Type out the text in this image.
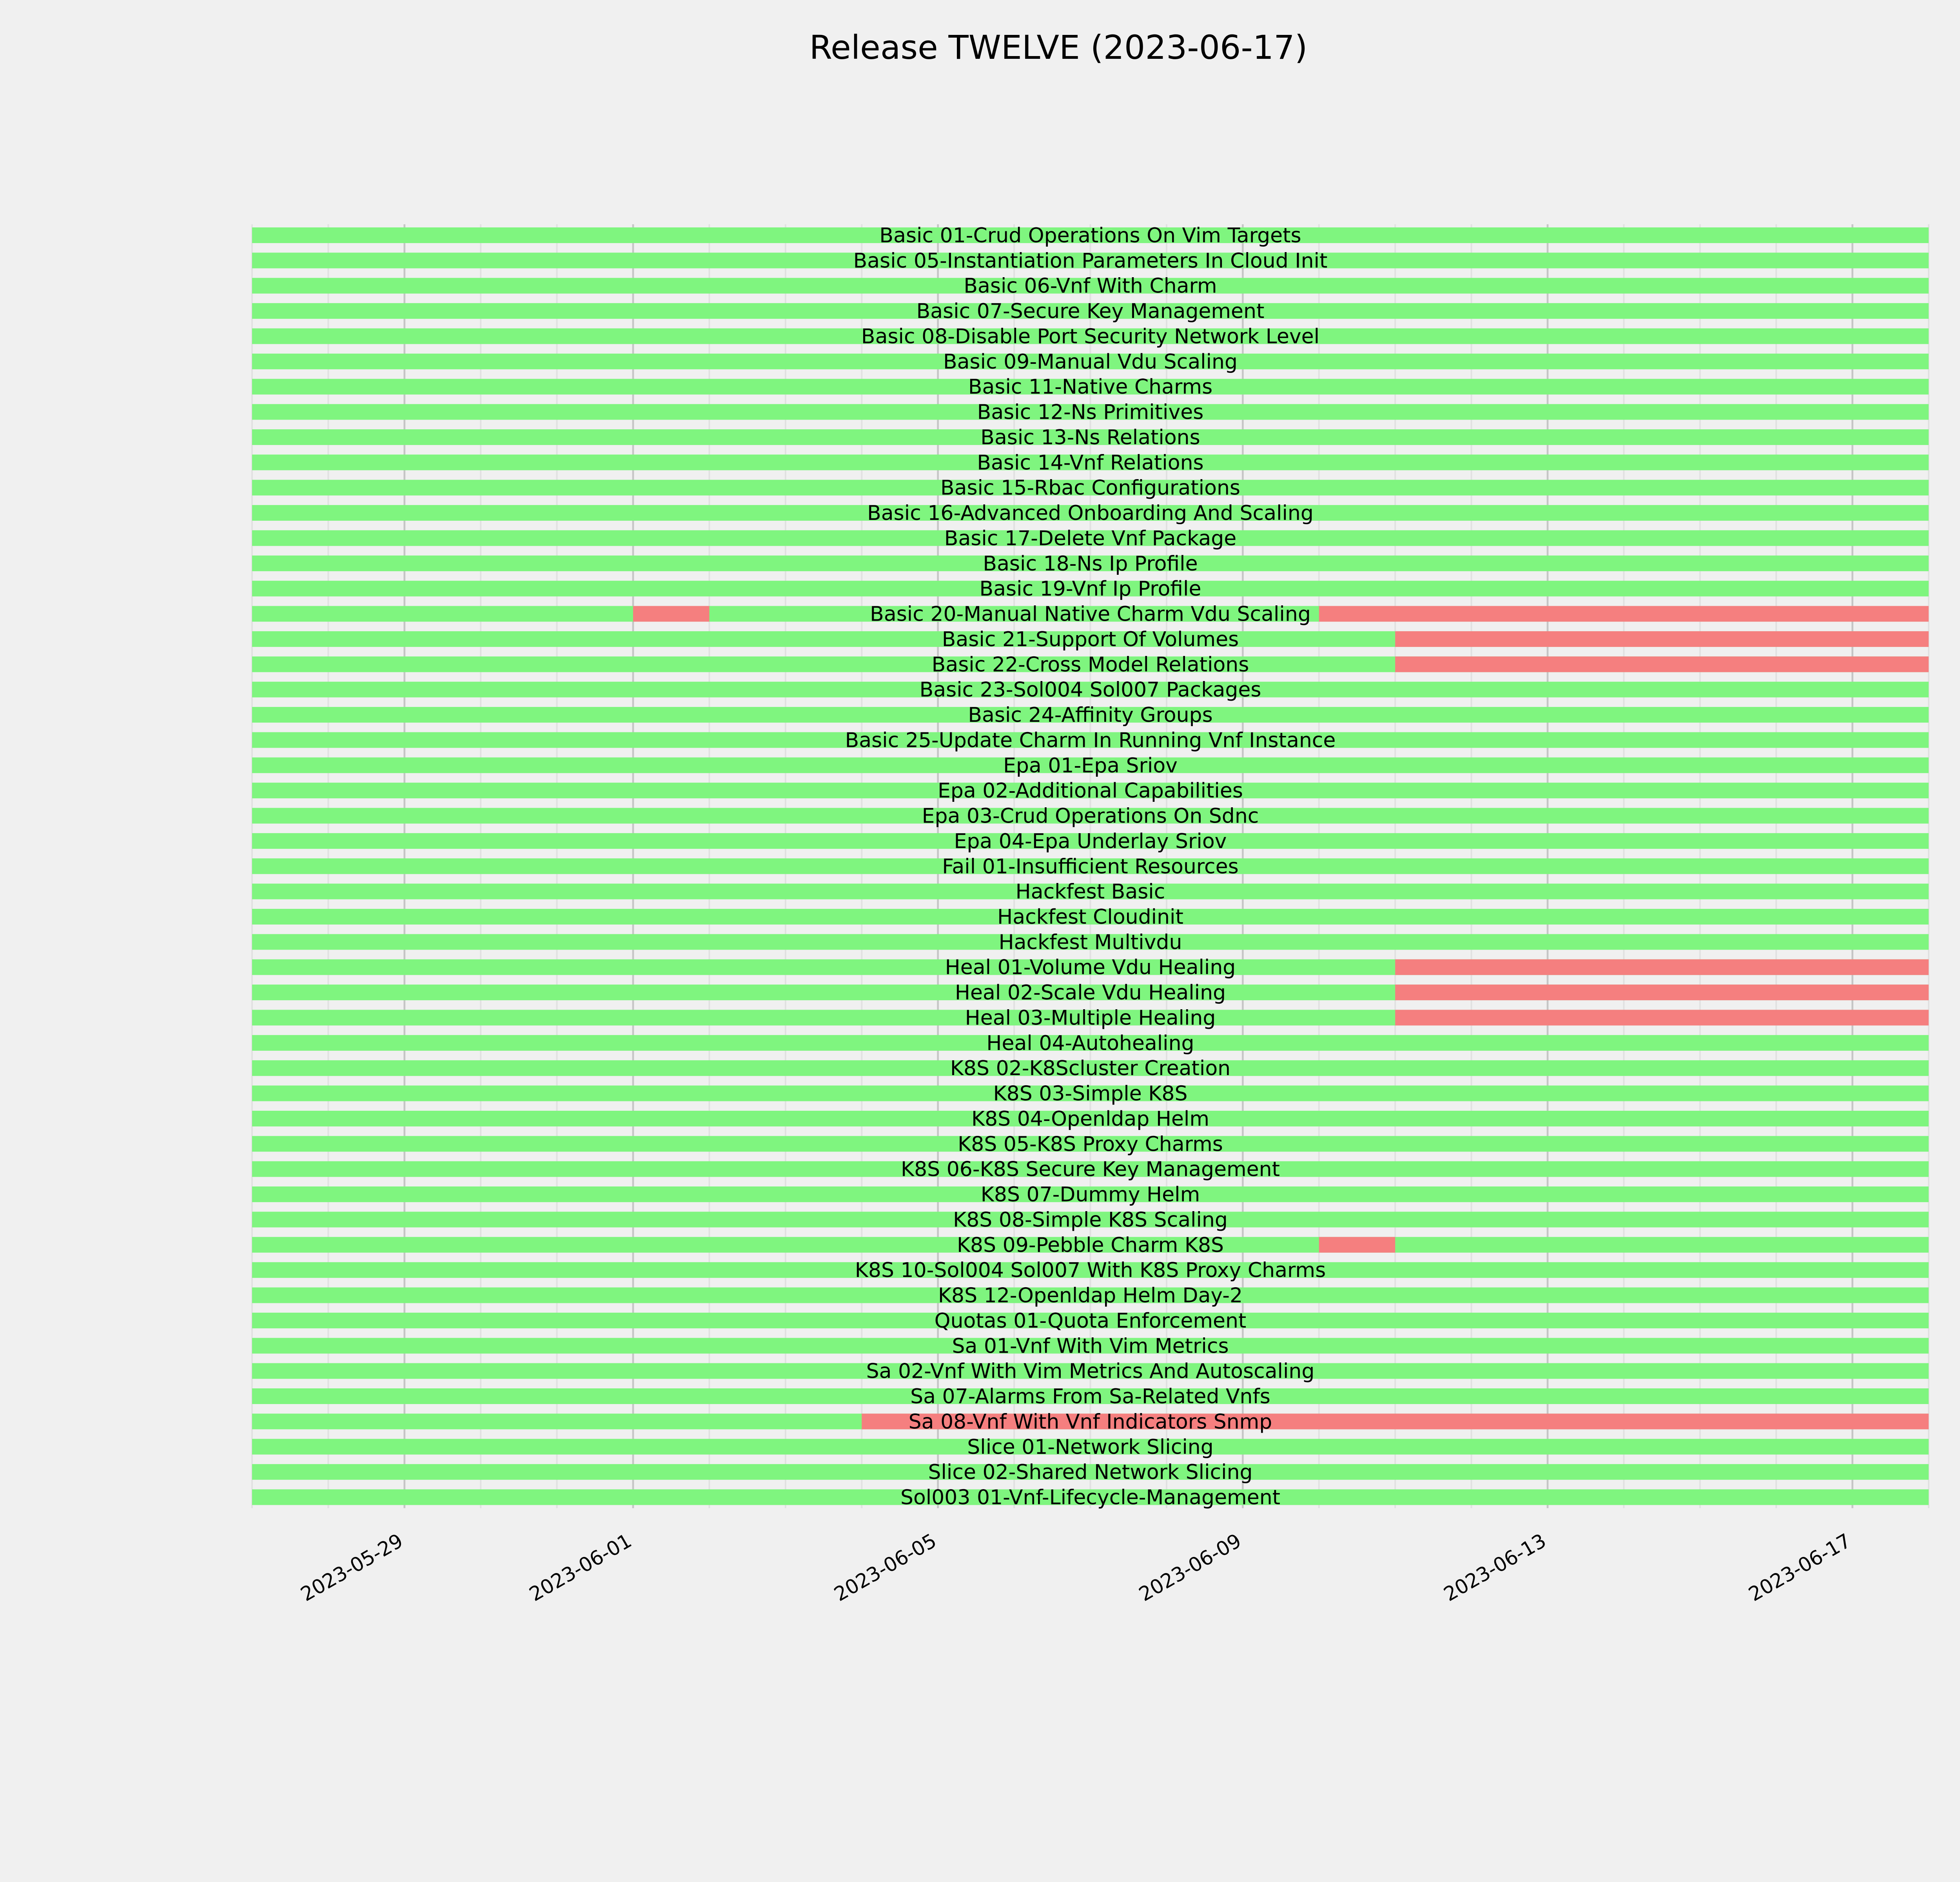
Release TWELVE (2023-06-17)
Basic 01-Crud Operations On Vim Targets
Basic 05-Instantiation Parameters In Cloud Init
Basic 06-Vnf With Charm
Basic 07-Secure Key Management
Basic 08-Disable Port Security Network Level
Basic 09-Manual Vdu Scaling
Basic 11-Native Charms
Basic 12-Ns Primitives
Basic 13-Ns Relations
Basic 14-Vnf Relations
Basic 15-Rbac Configurations
Basic 16-Advanced Onboarding And Scaling
Basic 17-Delete Vnf Package
Basic 18-Ns Ip Profile
Basic 19-Vnf Ip Profile
Basic 20-Manual Native Charm Vdu Scaling
Basic 21-Support Of Volumes
Basic 22-Cross Model Relations
Basic 23-Sol004 Sol007 Packages
Basic 24-Affinity Groups
Basic 25-Update Charm In Running Vnf Instance
Epa 01-Epa Sriov
Epa 02-Additional Capabilities
Epa 03-Crud Operations On Sdnc
Epa 04-Epa Underlay Sriov
Fail 01-Insufficient Resources
Hackfest Basic
Hackfest Cloudinit
Hackfest Multivdu
Heal 01-Volume Vdu Healing
Heal 02-Scale Vdu Healing
Heal 03-Multiple Healing
Heal 04-Autohealing
K8S 02-K8Scluster Creation
K8S 03-Simple K8S
K8S 04-Openldap Helm
K8S 05-K8S Proxy Charms
K8S 06-K8S Secure Key Management
K8S 07-Dummy Helm
K8S 08-Simple K8S Scaling
K8S 09-Pebble Charm K8S
K8S 10-Sol004 Sol007 With K8S Proxy Charms
K8S 12-Openldap Helm Day-2
Quotas 01-Quota Enforcement
Sa 01-Vnf With Vim Metrics
Sa 02-Vnf With Vim Metrics And Autoscaling
Sa 07-Alarms From Sa-Related Vnfs
Sa 08-Vnf With Vnf Indicators Snmp
Slice 01-Network Slicing
Slice 02-Shared Network Slicing
Sol003 01-Vnf-Lifecycle-Management
2023-05-29	2023-06-01	2023-06-05	2023-06-09	2023-06-13	2023-06-17
